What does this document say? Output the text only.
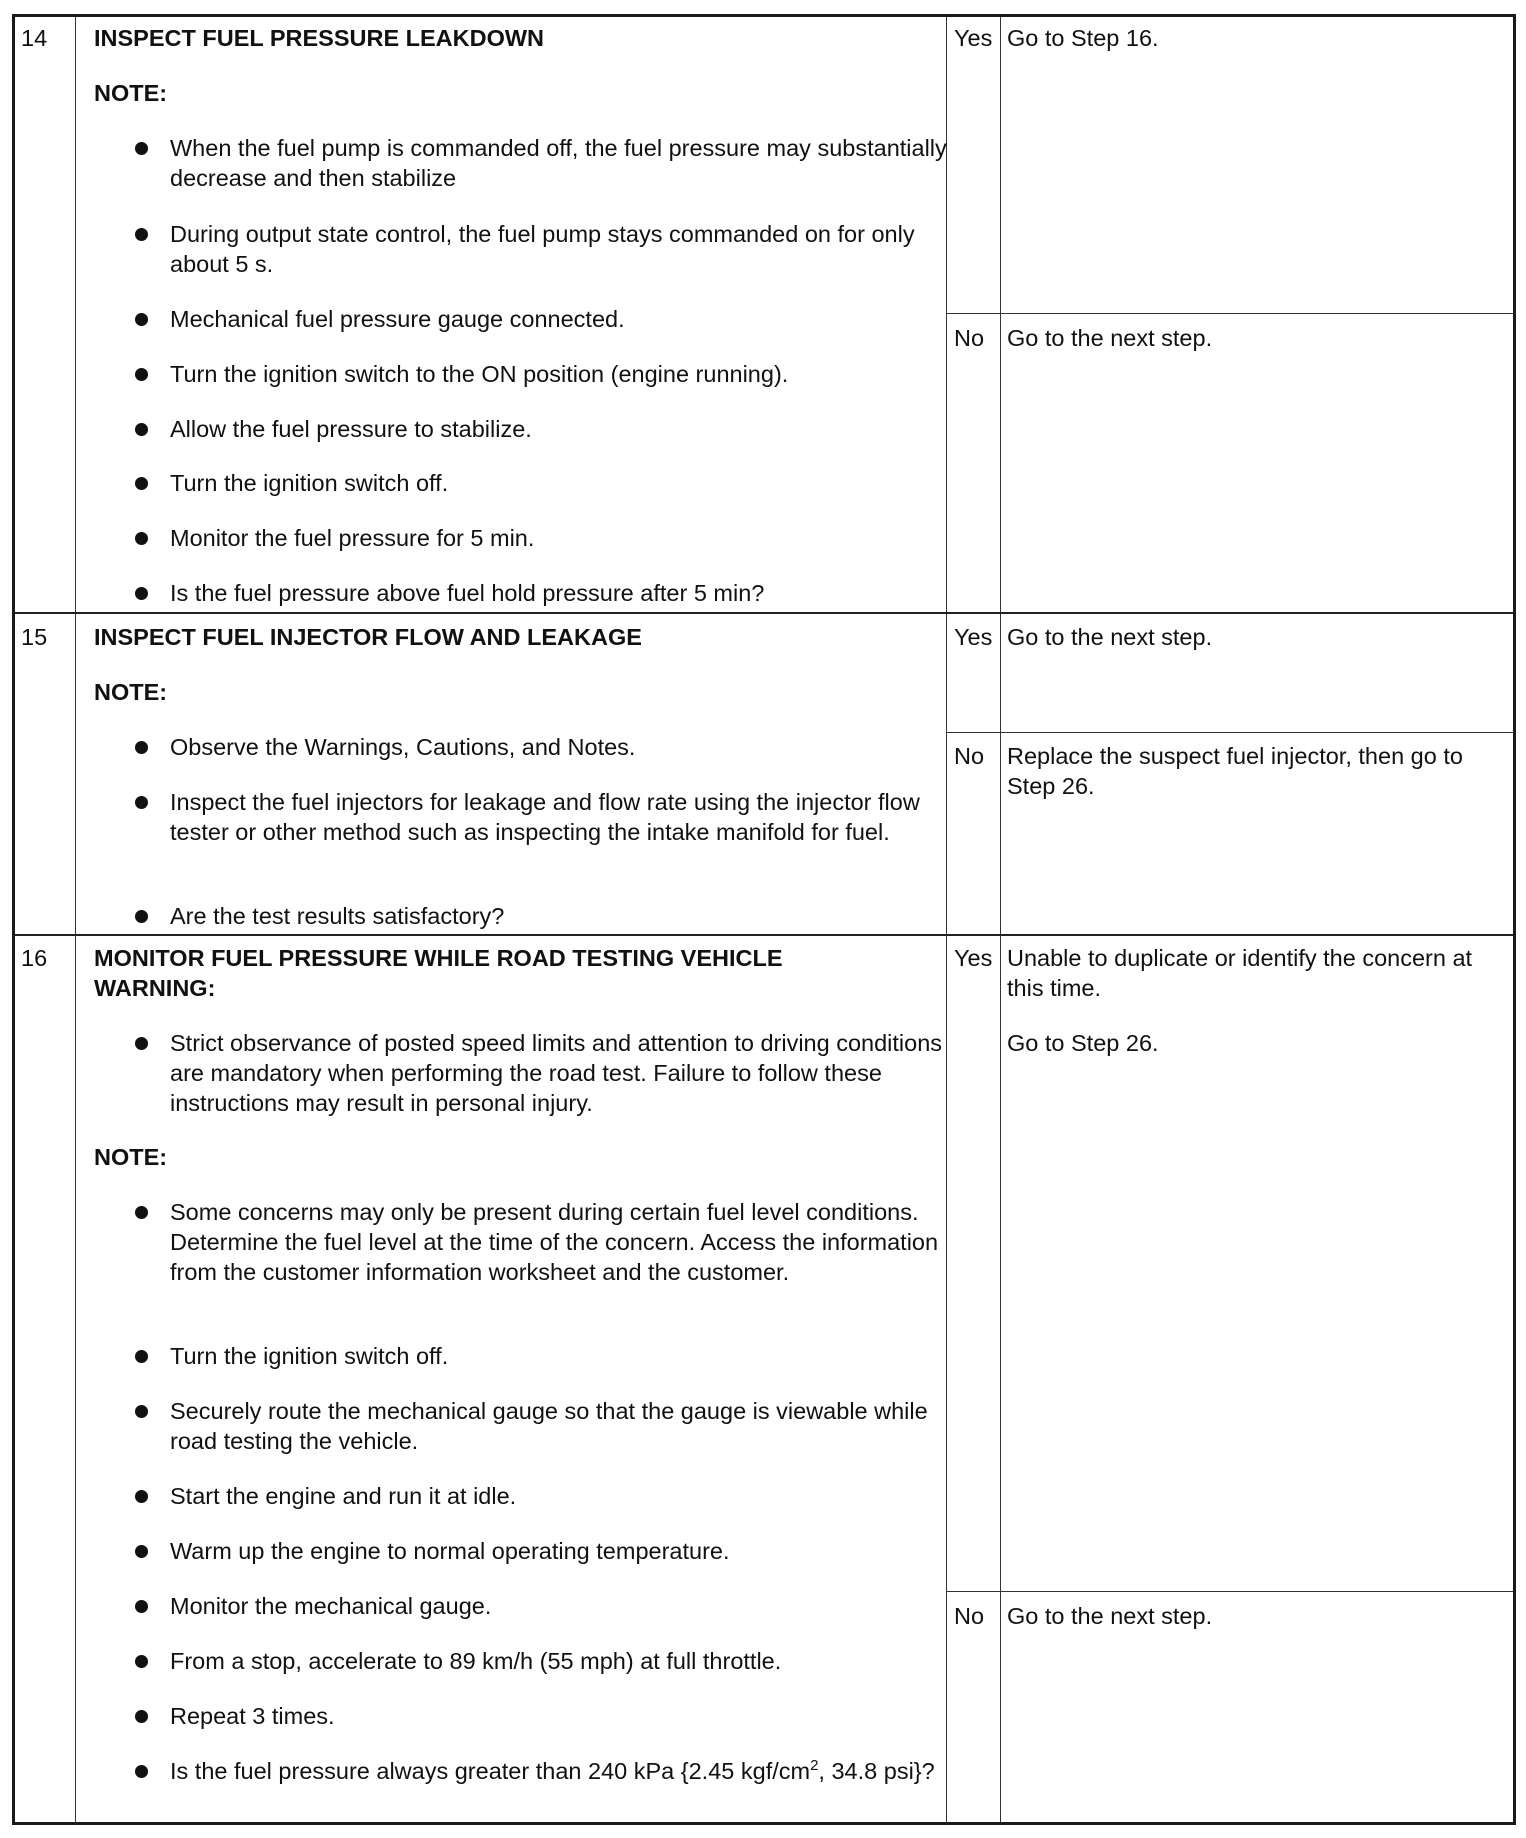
14 INSPECT FUEL PRESSURE LEAKDOWN
NOTE:
When the fuel pump is commanded off, the fuel pressure may substantially decrease and then stabilize
During output state control, the fuel pump stays commanded on for only about 5 s.
Mechanical fuel pressure gauge connected.
Turn the ignition switch to the ON position (engine running).
Allow the fuel pressure to stabilize.
Turn the ignition switch off.
Monitor the fuel pressure for 5 min.
Is the fuel pressure above fuel hold pressure after 5 min?
Yes Go to Step 16.
No Go to the next step.
15 INSPECT FUEL INJECTOR FLOW AND LEAKAGE
NOTE:
Observe the Warnings, Cautions, and Notes.
Inspect the fuel injectors for leakage and flow rate using the injector flow tester or other method such as inspecting the intake manifold for fuel.
Are the test results satisfactory?
Yes Go to the next step.
No Replace the suspect fuel injector, then go to Step 26.
16 MONITOR FUEL PRESSURE WHILE ROAD TESTING VEHICLE
WARNING:
Strict observance of posted speed limits and attention to driving conditions are mandatory when performing the road test. Failure to follow these instructions may result in personal injury.
NOTE:
Some concerns may only be present during certain fuel level conditions. Determine the fuel level at the time of the concern. Access the information from the customer information worksheet and the customer.
Turn the ignition switch off.
Securely route the mechanical gauge so that the gauge is viewable while road testing the vehicle.
Start the engine and run it at idle.
Warm up the engine to normal operating temperature.
Monitor the mechanical gauge.
From a stop, accelerate to 89 km/h (55 mph) at full throttle.
Repeat 3 times.
Is the fuel pressure always greater than 240 kPa {2.45 kgf/$cm^2$, 34.8 psi}?
Yes Unable to duplicate or identify the concern at this time.
Go to Step 26.
No Go to the next step.
